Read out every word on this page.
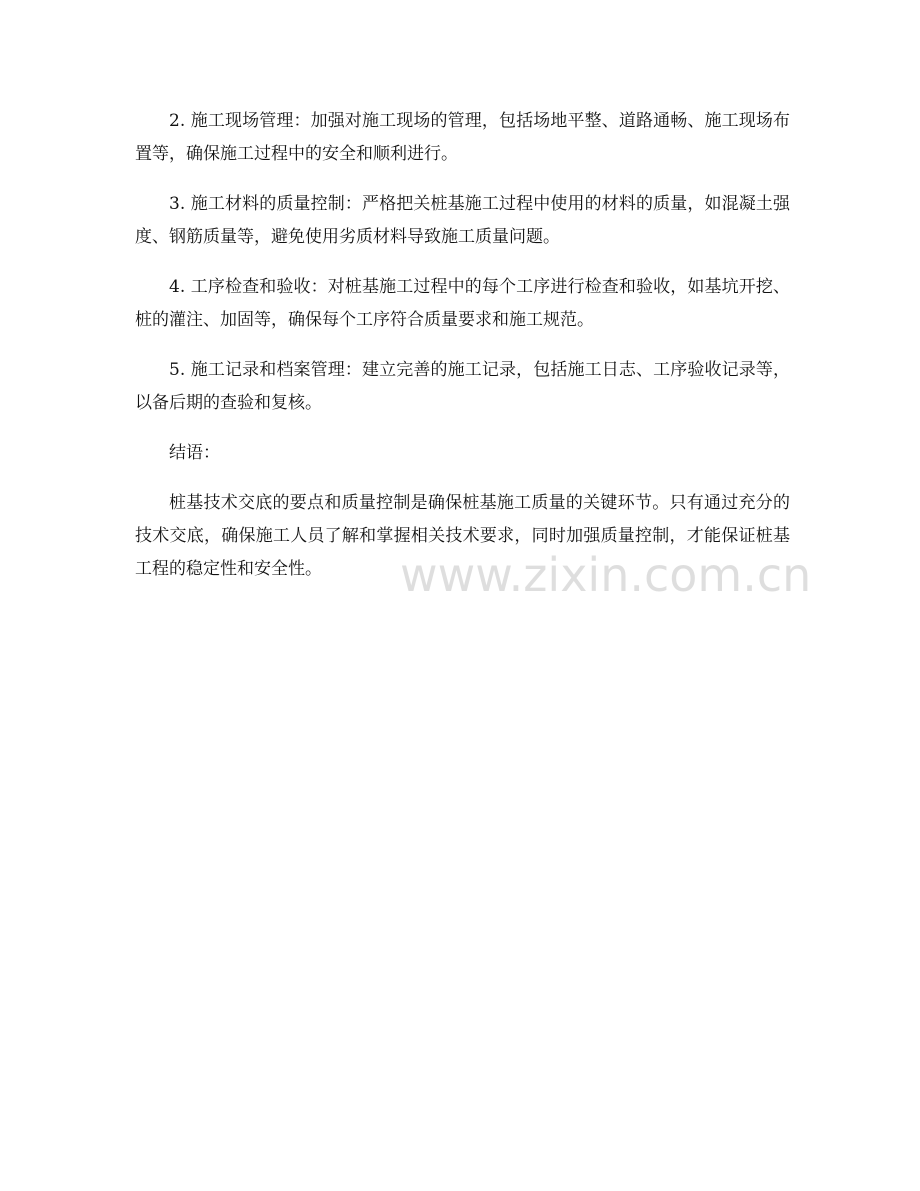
2. 施工现场管理：加强对施工现场的管理，包括场地平整、道路通畅、施工现场布置等，确保施工过程中的安全和顺利进行。

3. 施工材料的质量控制：严格把关桩基施工过程中使用的材料的质量，如混凝土强度、钢筋质量等，避免使用劣质材料导致施工质量问题。

4. 工序检查和验收：对桩基施工过程中的每个工序进行检查和验收，如基坑开挖、桩的灌注、加固等，确保每个工序符合质量要求和施工规范。

5. 施工记录和档案管理：建立完善的施工记录，包括施工日志、工序验收记录等，以备后期的查验和复核。

结语：

桩基技术交底的要点和质量控制是确保桩基施工质量的关键环节。只有通过充分的技术交底，确保施工人员了解和掌握相关技术要求，同时加强质量控制，才能保证桩基工程的稳定性和安全性。	www.zixin.com.cn
